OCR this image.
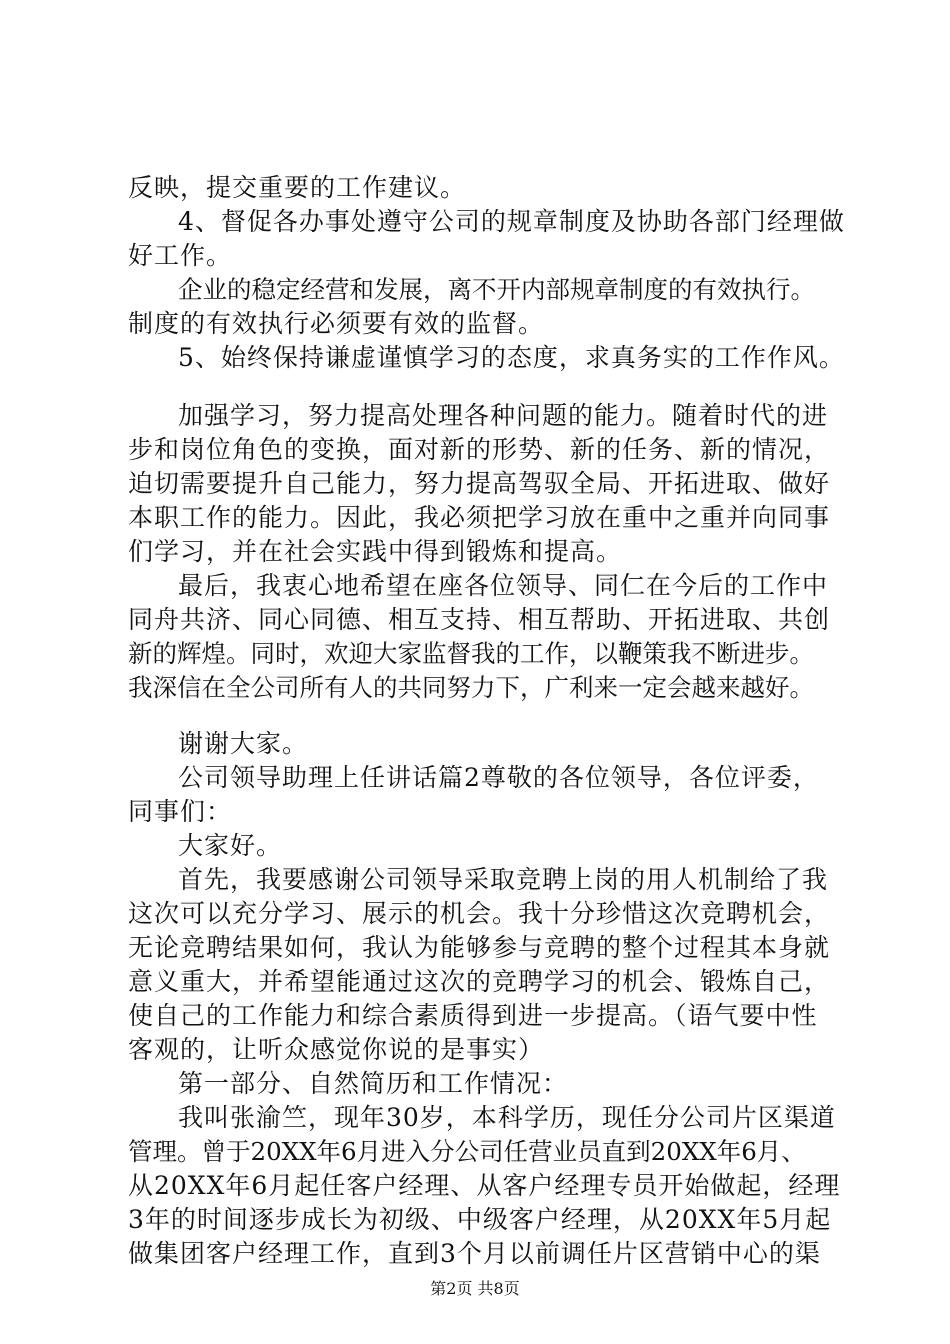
反映，提交重要的工作建议。
4、督促各办事处遵守公司的规章制度及协助各部门经理做
好工作。
企业的稳定经营和发展，离不开内部规章制度的有效执行。
制度的有效执行必须要有效的监督。
5、始终保持谦虚谨慎学习的态度，求真务实的工作作风。
加强学习，努力提高处理各种问题的能力。随着时代的进
步和岗位角色的变换，面对新的形势、新的任务、新的情况，
迫切需要提升自己能力，努力提高驾驭全局、开拓进取、做好
本职工作的能力。因此，我必须把学习放在重中之重并向同事
们学习，并在社会实践中得到锻炼和提高。
最后，我衷心地希望在座各位领导、同仁在今后的工作中
同舟共济、同心同德、相互支持、相互帮助、开拓进取、共创
新的辉煌。同时，欢迎大家监督我的工作，以鞭策我不断进步。
我深信在全公司所有人的共同努力下，广利来一定会越来越好。
谢谢大家。
公司领导助理上任讲话篇2尊敬的各位领导，各位评委，
同事们：
大家好。
首先，我要感谢公司领导采取竞聘上岗的用人机制给了我
这次可以充分学习、展示的机会。我十分珍惜这次竞聘机会，
无论竞聘结果如何，我认为能够参与竞聘的整个过程其本身就
意义重大，并希望能通过这次的竞聘学习的机会、锻炼自己，
使自己的工作能力和综合素质得到进一步提高。（语气要中性
客观的，让听众感觉你说的是事实）
第一部分、自然简历和工作情况：
我叫张渝竺，现年30岁，本科学历，现任分公司片区渠道
管理。曾于20XX年6月进入分公司任营业员直到20XX年6月、
从20XX年6月起任客户经理、从客户经理专员开始做起，经理
3年的时间逐步成长为初级、中级客户经理，从20XX年5月起
做集团客户经理工作，直到3个月以前调任片区营销中心的渠
第2页 共8页
